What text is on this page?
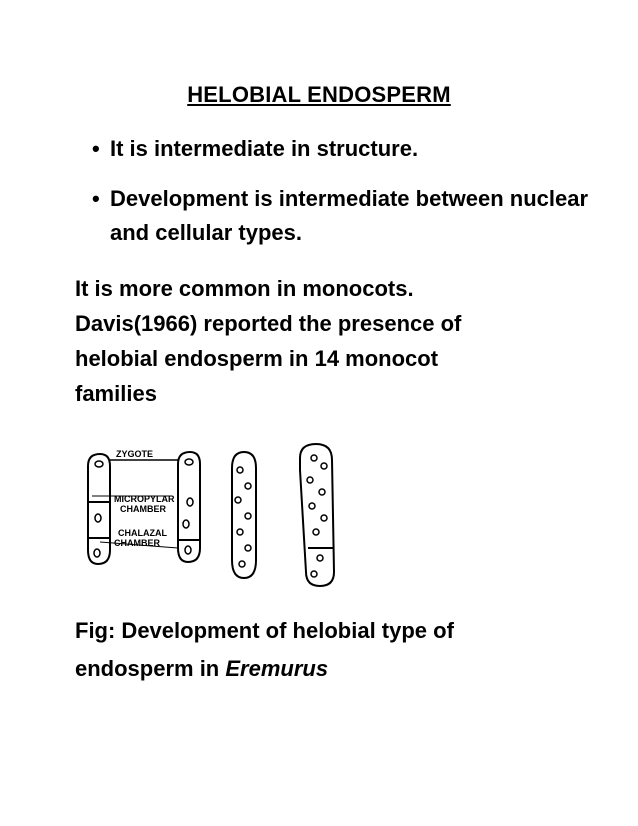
HELOBIAL ENDOSPERM
• It is intermediate in structure.
• Development is intermediate between nuclear and cellular types.
It is more common in monocots.
Davis(1966) reported the presence of
helobial endosperm in 14 monocot
families
ZYGOTE
MICROPYLAR
CHAMBER
CHALAZAL
CHAMBER
Fig: Development of helobial type of
endosperm in Eremurus
